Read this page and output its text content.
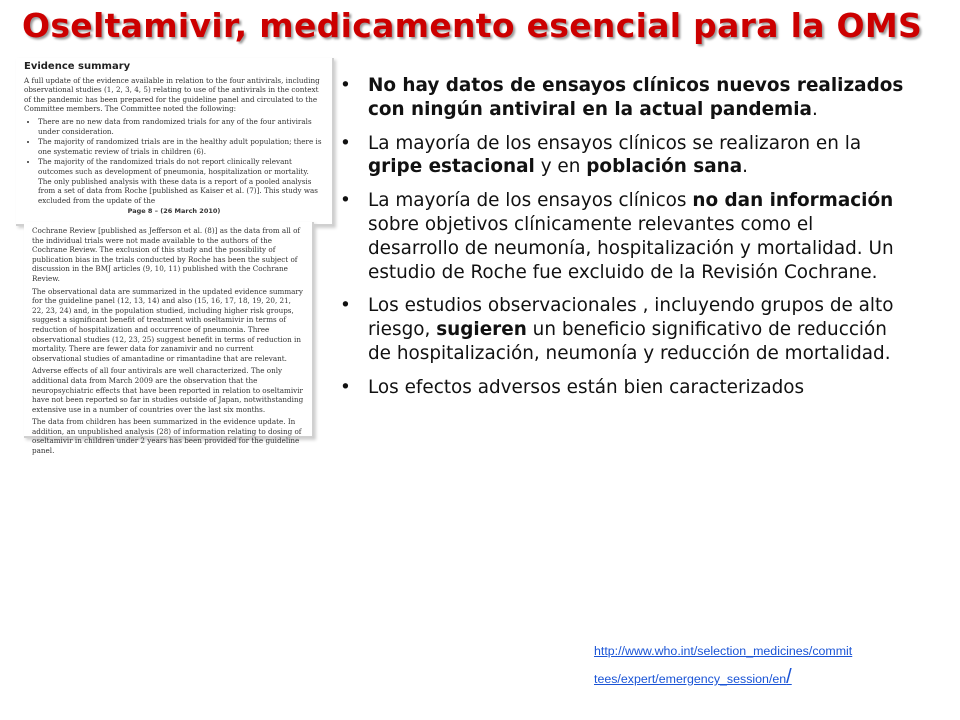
Oseltamivir, medicamento esencial para la OMS

Evidence summary

A full update of the evidence available in relation to the four antivirals, including observational studies (1, 2, 3, 4, 5) relating to use of the antivirals in the context of the pandemic has been prepared for the guideline panel and circulated to the Committee members. The Committee noted the following:

• There are no new data from randomized trials for any of the four antivirals under consideration.
• The majority of randomized trials are in the healthy adult population; there is one systematic review of trials in children (6).
• The majority of the randomized trials do not report clinically relevant outcomes such as development of pneumonia, hospitalization or mortality. The only published analysis with these data is a report of a pooled analysis from a set of data from Roche [published as Kaiser et al. (7)]. This study was excluded from the update of the

Page 8 – (26 March 2010)

Cochrane Review [published as Jefferson et al. (8)] as the data from all of the individual trials were not made available to the authors of the Cochrane Review. The exclusion of this study and the possibility of publication bias in the trials conducted by Roche has been the subject of discussion in the BMJ articles (9, 10, 11) published with the Cochrane Review.

The observational data are summarized in the updated evidence summary for the guideline panel (12, 13, 14) and also (15, 16, 17, 18, 19, 20, 21, 22, 23, 24) and, in the population studied, including higher risk groups, suggest a significant benefit of treatment with oseltamivir in terms of reduction of hospitalization and occurrence of pneumonia. Three observational studies (12, 23, 25) suggest benefit in terms of reduction in mortality. There are fewer data for zanamivir and no current observational studies of amantadine or rimantadine that are relevant.

Adverse effects of all four antivirals are well characterized. The only additional data from March 2009 are the observation that the neuropsychiatric effects that have been reported in relation to oseltamivir have not been reported so far in studies outside of Japan, notwithstanding extensive use in a number of countries over the last six months.

The data from children has been summarized in the evidence update. In addition, an unpublished analysis (28) of information relating to dosing of oseltamivir in children under 2 years has been provided for the guideline panel.

• No hay datos de ensayos clínicos nuevos realizados con ningún antiviral en la actual pandemia.
• La mayoría de los ensayos clínicos se realizaron en la gripe estacional y en población sana.
• La mayoría de los ensayos clínicos no dan información sobre objetivos clínicamente relevantes como el desarrollo de neumonía, hospitalización y mortalidad. Un estudio de Roche fue excluido de la Revisión Cochrane.
• Los estudios observacionales , incluyendo grupos de alto riesgo, sugieren un beneficio significativo de reducción de hospitalización, neumonía y reducción de mortalidad.
• Los efectos adversos están bien caracterizados
http://www.who.int/selection_medicines/commit
tees/expert/emergency_session/en/
